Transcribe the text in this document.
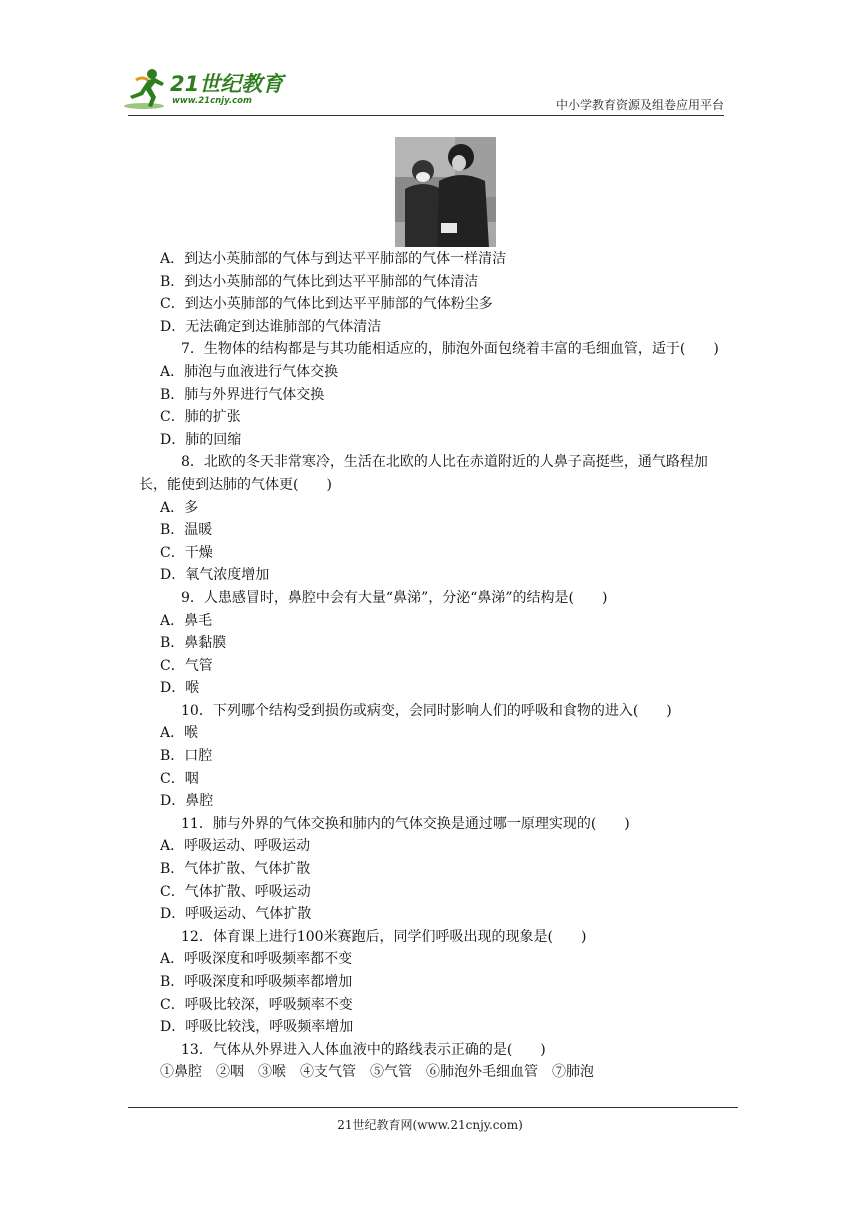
21世纪教育
www.21cnjy.com	中小学教育资源及组卷应用平台
A．到达小英肺部的气体与到达平平肺部的气体一样清洁
B．到达小英肺部的气体比到达平平肺部的气体清洁
C．到达小英肺部的气体比到达平平肺部的气体粉尘多
D．无法确定到达谁肺部的气体清洁
7．生物体的结构都是与其功能相适应的，肺泡外面包绕着丰富的毛细血管，适于(　　)
A．肺泡与血液进行气体交换
B．肺与外界进行气体交换
C．肺的扩张
D．肺的回缩
8．北欧的冬天非常寒冷，生活在北欧的人比在赤道附近的人鼻子高挺些，通气路程加
长，能使到达肺的气体更(　　)
A．多
B．温暖
C．干燥
D．氧气浓度增加
9．人患感冒时，鼻腔中会有大量“鼻涕”，分泌“鼻涕”的结构是(　　)
A．鼻毛
B．鼻黏膜
C．气管
D．喉
10．下列哪个结构受到损伤或病变，会同时影响人们的呼吸和食物的进入(　　)
A．喉
B．口腔
C．咽
D．鼻腔
11．肺与外界的气体交换和肺内的气体交换是通过哪一原理实现的(　　)
A．呼吸运动、呼吸运动
B．气体扩散、气体扩散
C．气体扩散、呼吸运动
D．呼吸运动、气体扩散
12．体育课上进行100米赛跑后，同学们呼吸出现的现象是(　　)
A．呼吸深度和呼吸频率都不变
B．呼吸深度和呼吸频率都增加
C．呼吸比较深，呼吸频率不变
D．呼吸比较浅，呼吸频率增加
13．气体从外界进入人体血液中的路线表示正确的是(　　)
①鼻腔　②咽　③喉　④支气管　⑤气管　⑥肺泡外毛细血管　⑦肺泡
21世纪教育网(www.21cnjy.com)
